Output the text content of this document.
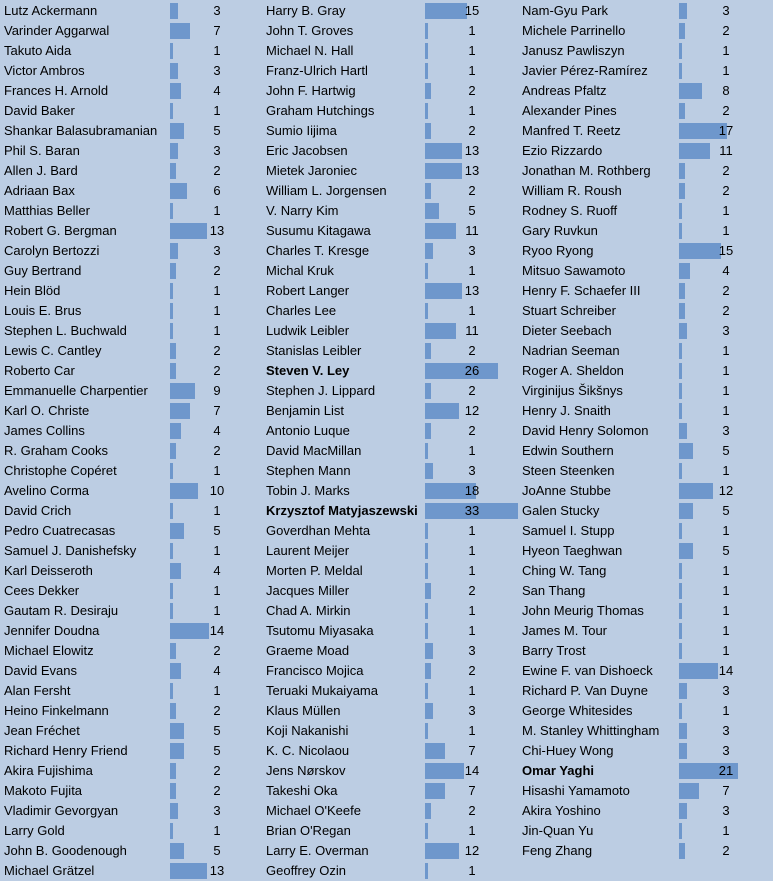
Lutz Ackermann	3
Varinder Aggarwal	7
Takuto Aida	1
Victor Ambros	3
Frances H. Arnold	4
David Baker	1
Shankar Balasubramanian	5
Phil S. Baran	3
Allen J. Bard	2
Adriaan Bax	6
Matthias Beller	1
Robert G. Bergman	13
Carolyn Bertozzi	3
Guy Bertrand	2
Hein Blöd	1
Louis E. Brus	1
Stephen L. Buchwald	1
Lewis C. Cantley	2
Roberto Car	2
Emmanuelle Charpentier	9
Karl O. Christe	7
James Collins	4
R. Graham Cooks	2
Christophe Copéret	1
Avelino Corma	10
David Crich	1
Pedro Cuatrecasas	5
Samuel J. Danishefsky	1
Karl Deisseroth	4
Cees Dekker	1
Gautam R. Desiraju	1
Jennifer Doudna	14
Michael Elowitz	2
David Evans	4
Alan Fersht	1
Heino Finkelmann	2
Jean Fréchet	5
Richard Henry Friend	5
Akira Fujishima	2
Makoto Fujita	2
Vladimir Gevorgyan	3
Larry Gold	1
John B. Goodenough	5
Michael Grätzel	13
Harry B. Gray	15
John T. Groves	1
Michael N. Hall	1
Franz-Ulrich Hartl	1
John F. Hartwig	2
Graham Hutchings	1
Sumio Iijima	2
Eric Jacobsen	13
Mietek Jaroniec	13
William L. Jorgensen	2
V. Narry Kim	5
Susumu Kitagawa	11
Charles T. Kresge	3
Michal Kruk	1
Robert Langer	13
Charles Lee	1
Ludwik Leibler	11
Stanislas Leibler	2
Steven V. Ley	26
Stephen J. Lippard	2
Benjamin List	12
Antonio Luque	2
David MacMillan	1
Stephen Mann	3
Tobin J. Marks	18
Krzysztof Matyjaszewski	33
Goverdhan Mehta	1
Laurent Meijer	1
Morten P. Meldal	1
Jacques Miller	2
Chad A. Mirkin	1
Tsutomu Miyasaka	1
Graeme Moad	3
Francisco Mojica	2
Teruaki Mukaiyama	1
Klaus Müllen	3
Koji Nakanishi	1
K. C. Nicolaou	7
Jens Nørskov	14
Takeshi Oka	7
Michael O'Keefe	2
Brian O'Regan	1
Larry E. Overman	12
Geoffrey Ozin	1
Nam-Gyu Park	3
Michele Parrinello	2
Janusz Pawliszyn	1
Javier Pérez-Ramírez	1
Andreas Pfaltz	8
Alexander Pines	2
Manfred T. Reetz	17
Ezio Rizzardo	11
Jonathan M. Rothberg	2
William R. Roush	2
Rodney S. Ruoff	1
Gary Ruvkun	1
Ryoo Ryong	15
Mitsuo Sawamoto	4
Henry F. Schaefer III	2
Stuart Schreiber	2
Dieter Seebach	3
Nadrian Seeman	1
Roger A. Sheldon	1
Virginijus Šikšnys	1
Henry J. Snaith	1
David Henry Solomon	3
Edwin Southern	5
Steen Steenken	1
JoAnne Stubbe	12
Galen Stucky	5
Samuel I. Stupp	1
Hyeon Taeghwan	5
Ching W. Tang	1
San Thang	1
John Meurig Thomas	1
James M. Tour	1
Barry Trost	1
Ewine F. van Dishoeck	14
Richard P. Van Duyne	3
George Whitesides	1
M. Stanley Whittingham	3
Chi-Huey Wong	3
Omar Yaghi	21
Hisashi Yamamoto	7
Akira Yoshino	3
Jin-Quan Yu	1
Feng Zhang	2
